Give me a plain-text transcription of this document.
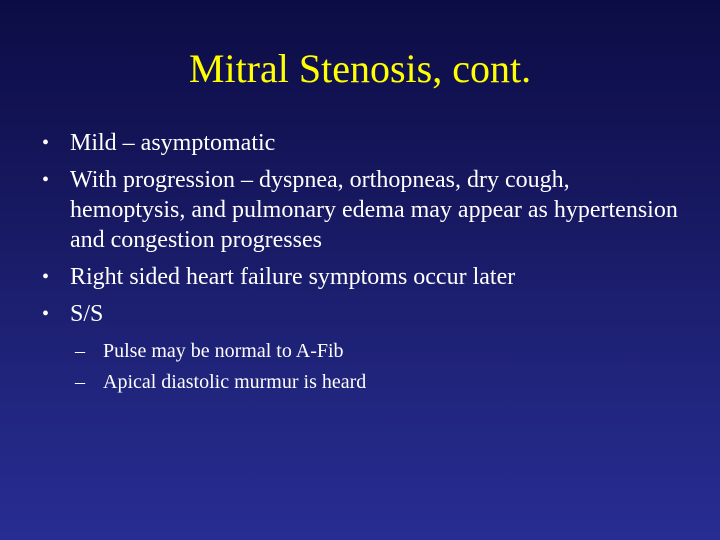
Mitral Stenosis, cont.
• Mild – asymptomatic
• With progression – dyspnea, orthopneas, dry cough, hemoptysis, and pulmonary edema may appear as hypertension and congestion progresses
• Right sided heart failure symptoms occur later
• S/S
– Pulse may be normal to A-Fib
– Apical diastolic murmur is heard
